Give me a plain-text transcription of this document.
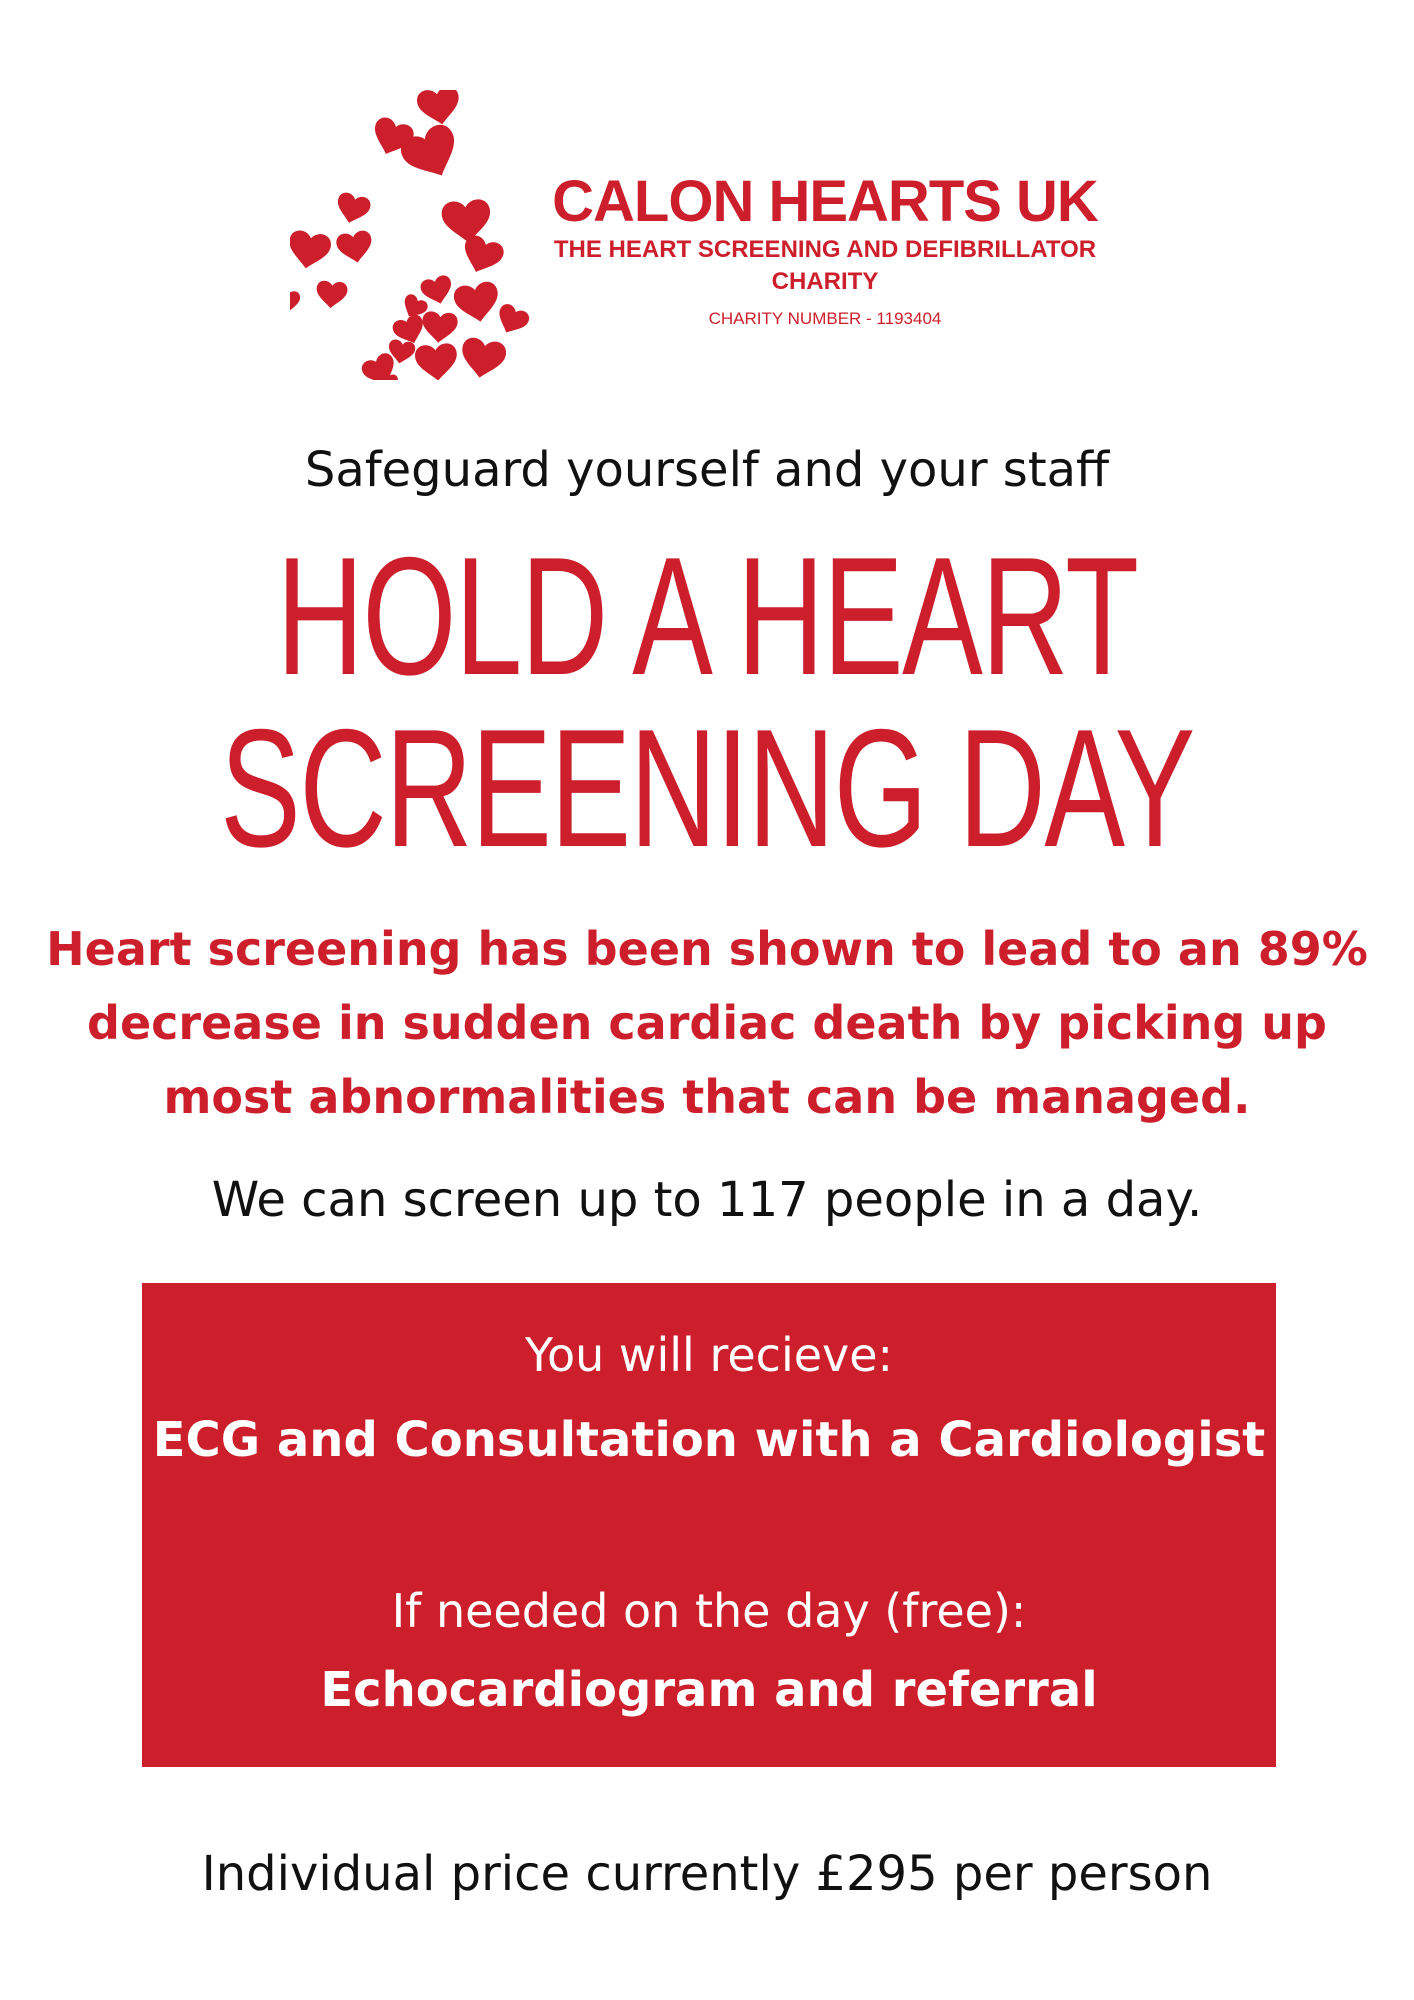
CALON HEARTS UK
THE HEART SCREENING AND DEFIBRILLATOR
CHARITY
CHARITY NUMBER - 1193404
Safeguard yourself and your staff
HOLD A HEART
SCREENING DAY
Heart screening has been shown to lead to an 89% decrease in sudden cardiac death by picking up most abnormalities that can be managed.
We can screen up to 117 people in a day.
You will recieve:
ECG and Consultation with a Cardiologist
If needed on the day (free):
Echocardiogram and referral
Individual price currently £295 per person
